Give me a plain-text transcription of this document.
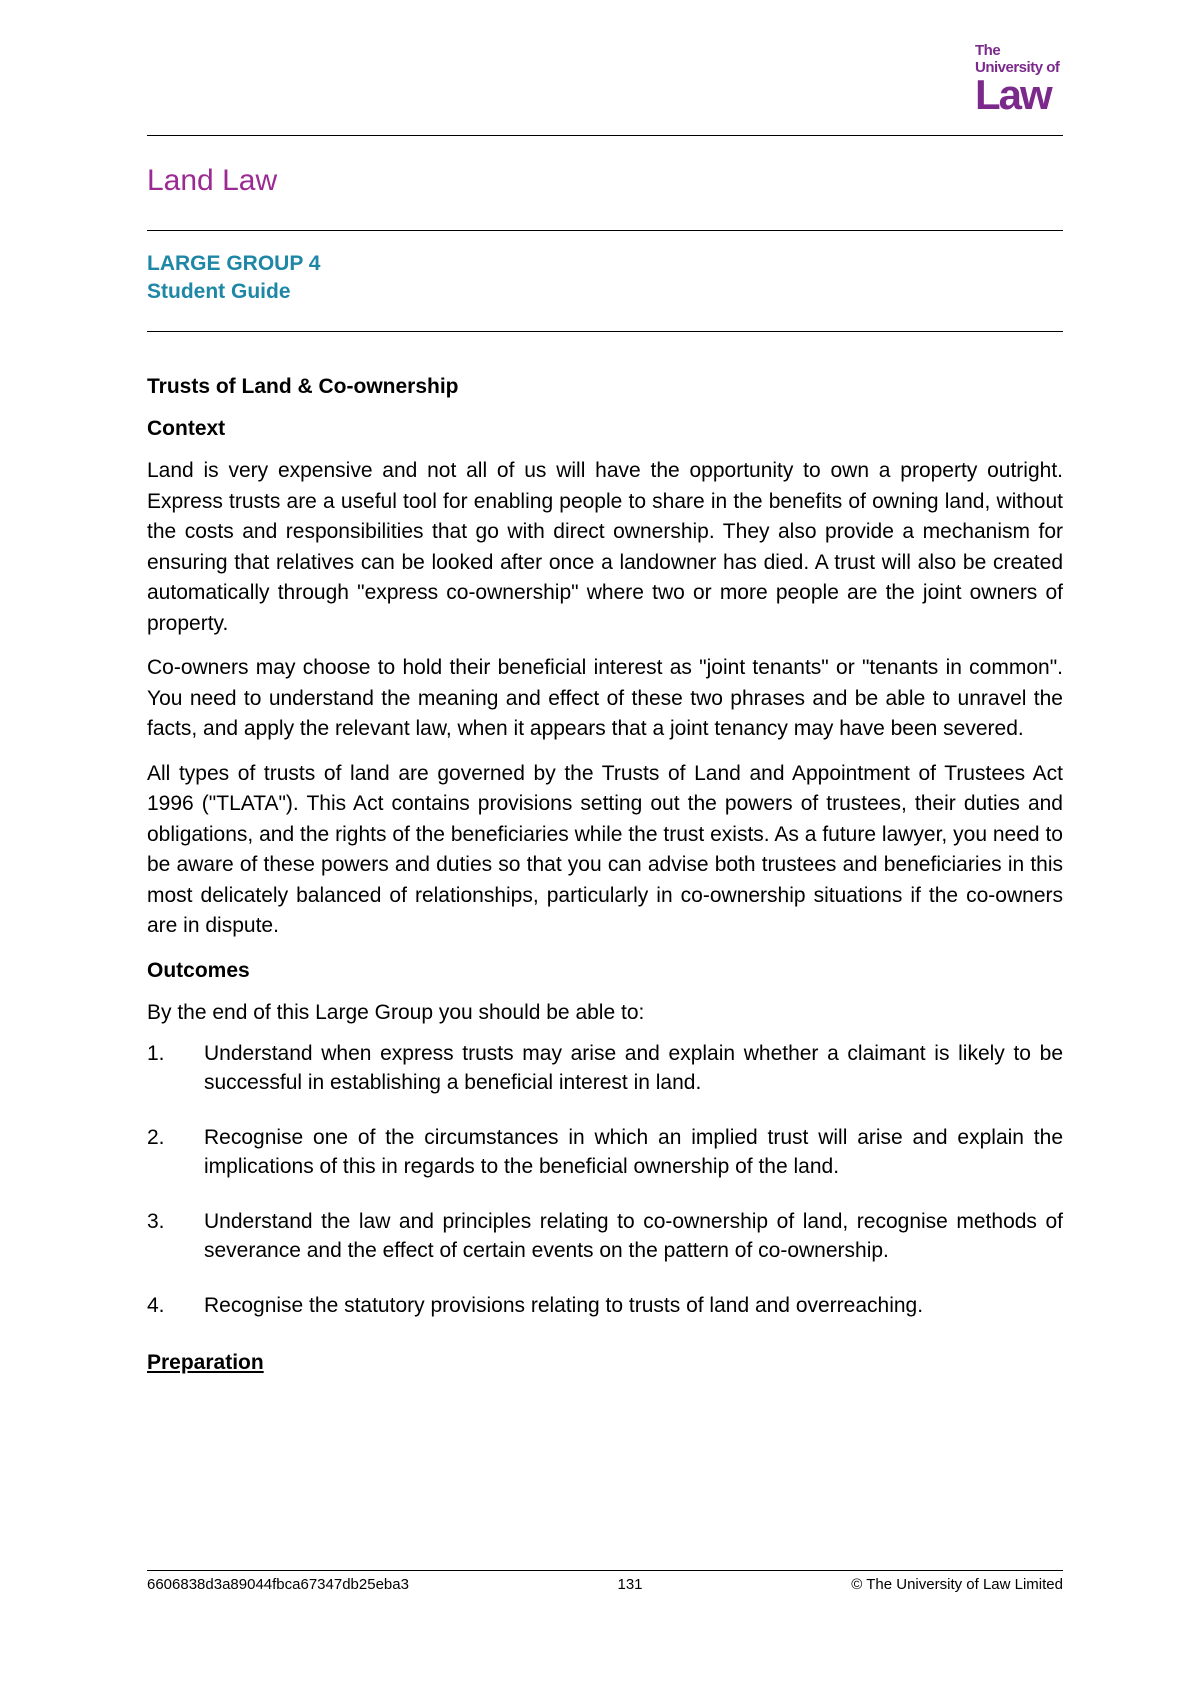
The
University of
Law
Land Law
LARGE GROUP 4
Student Guide
Trusts of Land & Co-ownership
Context

Land is very expensive and not all of us will have the opportunity to own a property outright. Express trusts are a useful tool for enabling people to share in the benefits of owning land, without the costs and responsibilities that go with direct ownership. They also provide a mechanism for ensuring that relatives can be looked after once a landowner has died. A trust will also be created automatically through "express co-ownership" where two or more people are the joint owners of property.

Co-owners may choose to hold their beneficial interest as "joint tenants" or "tenants in common". You need to understand the meaning and effect of these two phrases and be able to unravel the facts, and apply the relevant law, when it appears that a joint tenancy may have been severed.

All types of trusts of land are governed by the Trusts of Land and Appointment of Trustees Act 1996 ("TLATA"). This Act contains provisions setting out the powers of trustees, their duties and obligations, and the rights of the beneficiaries while the trust exists. As a future lawyer, you need to be aware of these powers and duties so that you can advise both trustees and beneficiaries in this most delicately balanced of relationships, particularly in co-ownership situations if the co-owners are in dispute.

Outcomes

By the end of this Large Group you should be able to:

1. Understand when express trusts may arise and explain whether a claimant is likely to be successful in establishing a beneficial interest in land.
2. Recognise one of the circumstances in which an implied trust will arise and explain the implications of this in regards to the beneficial ownership of the land.
3. Understand the law and principles relating to co-ownership of land, recognise methods of severance and the effect of certain events on the pattern of co-ownership.
4. Recognise the statutory provisions relating to trusts of land and overreaching.
Preparation
6606838d3a89044fbca67347db25eba3	131	© The University of Law Limited
